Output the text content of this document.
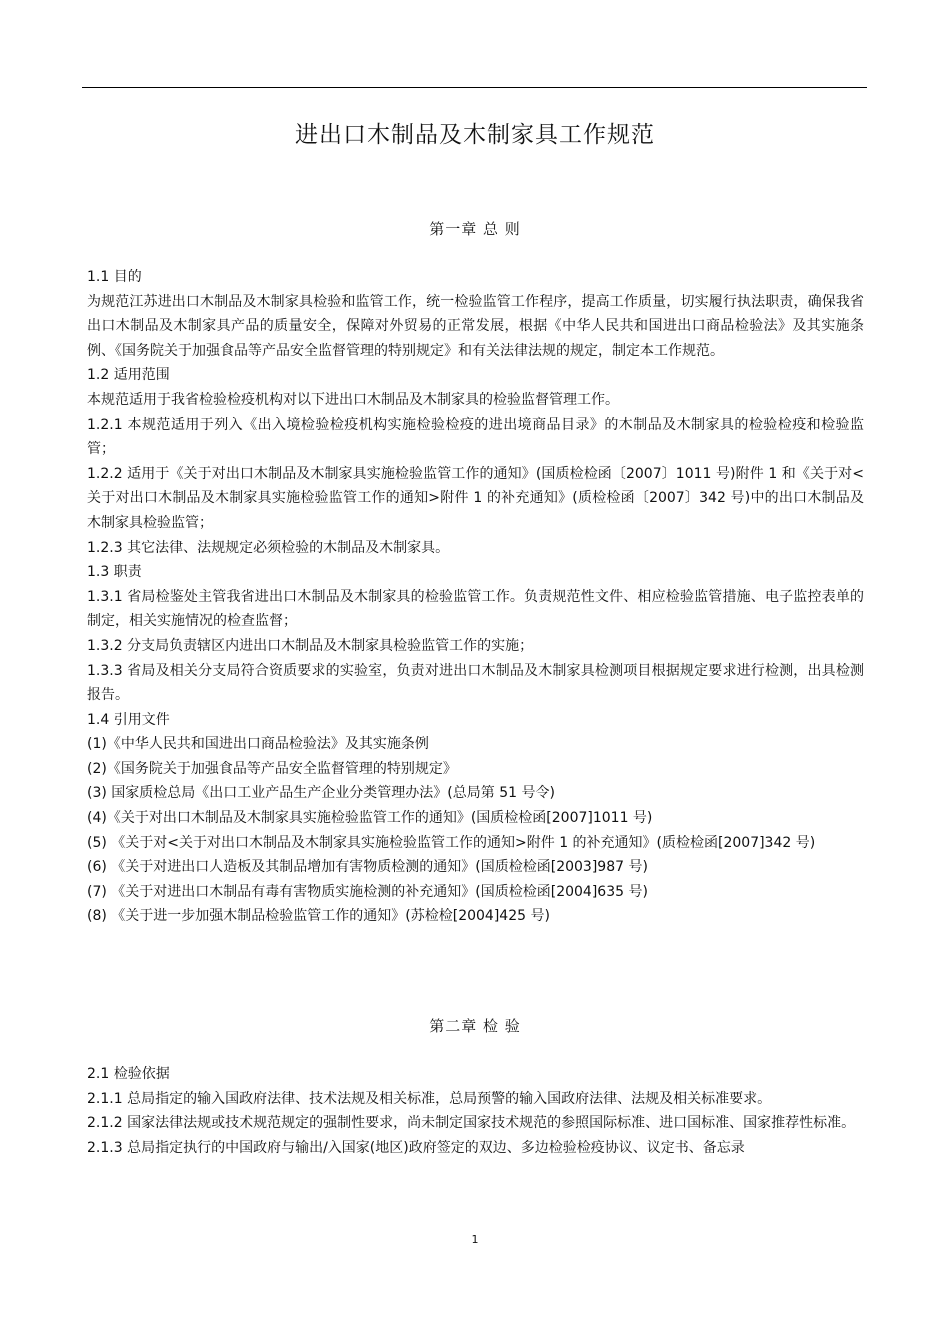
进出口木制品及木制家具工作规范
第一章 总 则

1.1 目的

为规范江苏进出口木制品及木制家具检验和监管工作，统一检验监管工作程序，提高工作质量，切实履行执法职责，确保我省出口木制品及木制家具产品的质量安全，保障对外贸易的正常发展，根据《中华人民共和国进出口商品检验法》及其实施条例、《国务院关于加强食品等产品安全监督管理的特别规定》和有关法律法规的规定，制定本工作规范。

1.2 适用范围

本规范适用于我省检验检疫机构对以下进出口木制品及木制家具的检验监督管理工作。

1.2.1 本规范适用于列入《出入境检验检疫机构实施检验检疫的进出境商品目录》的木制品及木制家具的检验检疫和检验监管；

1.2.2 适用于《关于对出口木制品及木制家具实施检验监管工作的通知》(国质检检函〔2007〕1011 号)附件 1 和《关于对<关于对出口木制品及木制家具实施检验监管工作的通知>附件 1 的补充通知》(质检检函〔2007〕342 号)中的出口木制品及木制家具检验监管；

1.2.3 其它法律、法规规定必须检验的木制品及木制家具。

1.3 职责

1.3.1 省局检鉴处主管我省进出口木制品及木制家具的检验监管工作。负责规范性文件、相应检验监管措施、电子监控表单的制定，相关实施情况的检查监督；

1.3.2 分支局负责辖区内进出口木制品及木制家具检验监管工作的实施；

1.3.3 省局及相关分支局符合资质要求的实验室，负责对进出口木制品及木制家具检测项目根据规定要求进行检测，出具检测报告。

1.4 引用文件

(1)《中华人民共和国进出口商品检验法》及其实施条例

(2)《国务院关于加强食品等产品安全监督管理的特别规定》

(3) 国家质检总局《出口工业产品生产企业分类管理办法》(总局第 51 号令)

(4)《关于对出口木制品及木制家具实施检验监管工作的通知》(国质检检函[2007]1011 号)

(5) 《关于对<关于对出口木制品及木制家具实施检验监管工作的通知>附件 1 的补充通知》(质检检函[2007]342 号)

(6) 《关于对进出口人造板及其制品增加有害物质检测的通知》(国质检检函[2003]987 号)

(7) 《关于对进出口木制品有毒有害物质实施检测的补充通知》(国质检检函[2004]635 号)

(8) 《关于进一步加强木制品检验监管工作的通知》(苏检检[2004]425 号)

第二章 检 验

2.1 检验依据

2.1.1 总局指定的输入国政府法律、技术法规及相关标准，总局预警的输入国政府法律、法规及相关标准要求。

2.1.2 国家法律法规或技术规范规定的强制性要求，尚未制定国家技术规范的参照国际标准、进口国标准、国家推荐性标准。

2.1.3 总局指定执行的中国政府与输出/入国家(地区)政府签定的双边、多边检验检疫协议、议定书、备忘录

1
